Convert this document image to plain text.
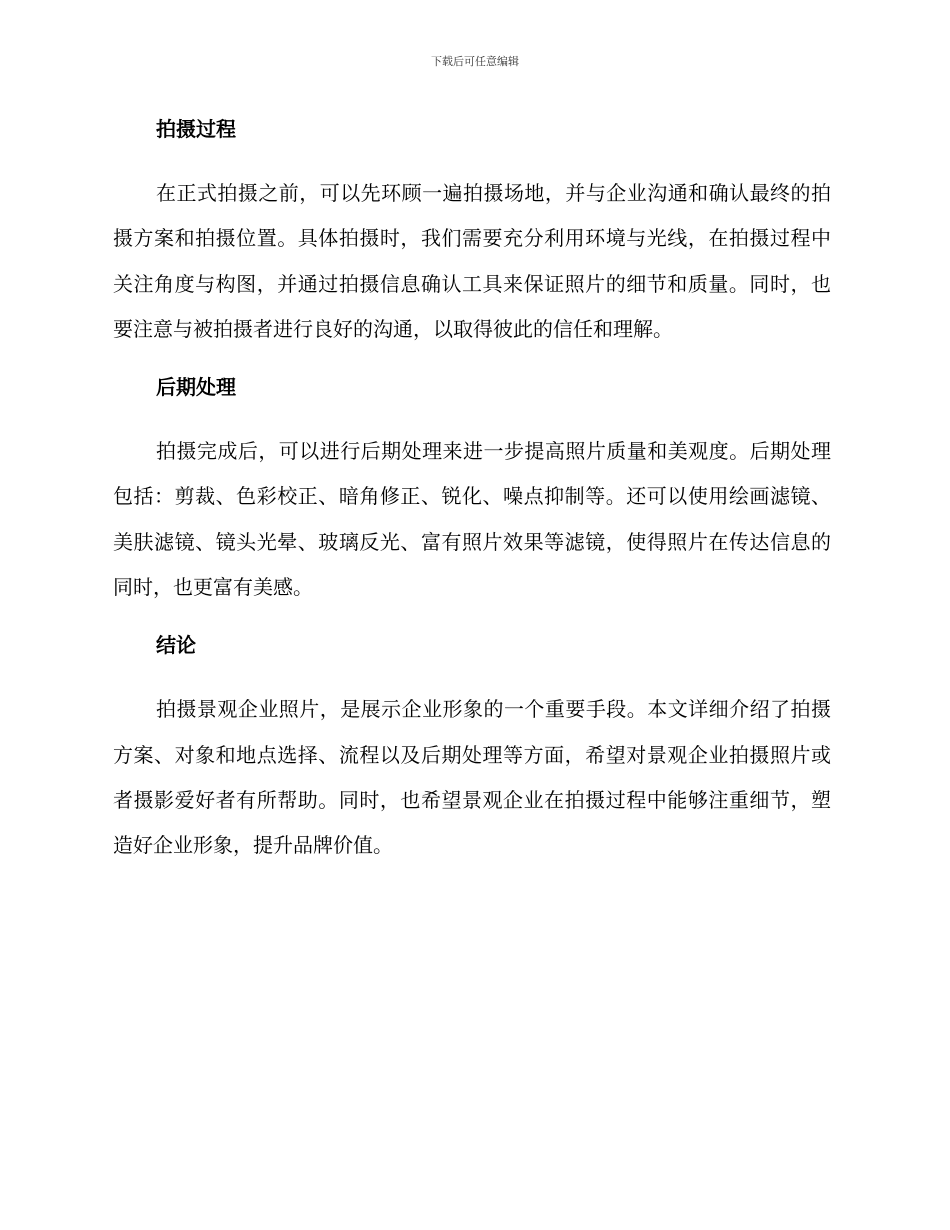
下载后可任意编辑
拍摄过程

在正式拍摄之前，可以先环顾一遍拍摄场地，并与企业沟通和确认最终的拍摄方案和拍摄位置。具体拍摄时，我们需要充分利用环境与光线，在拍摄过程中关注角度与构图，并通过拍摄信息确认工具来保证照片的细节和质量。同时，也要注意与被拍摄者进行良好的沟通，以取得彼此的信任和理解。

后期处理

拍摄完成后，可以进行后期处理来进一步提高照片质量和美观度。后期处理包括：剪裁、色彩校正、暗角修正、锐化、噪点抑制等。还可以使用绘画滤镜、美肤滤镜、镜头光晕、玻璃反光、富有照片效果等滤镜，使得照片在传达信息的同时，也更富有美感。

结论

拍摄景观企业照片，是展示企业形象的一个重要手段。本文详细介绍了拍摄方案、对象和地点选择、流程以及后期处理等方面，希望对景观企业拍摄照片或者摄影爱好者有所帮助。同时，也希望景观企业在拍摄过程中能够注重细节，塑造好企业形象，提升品牌价值。
